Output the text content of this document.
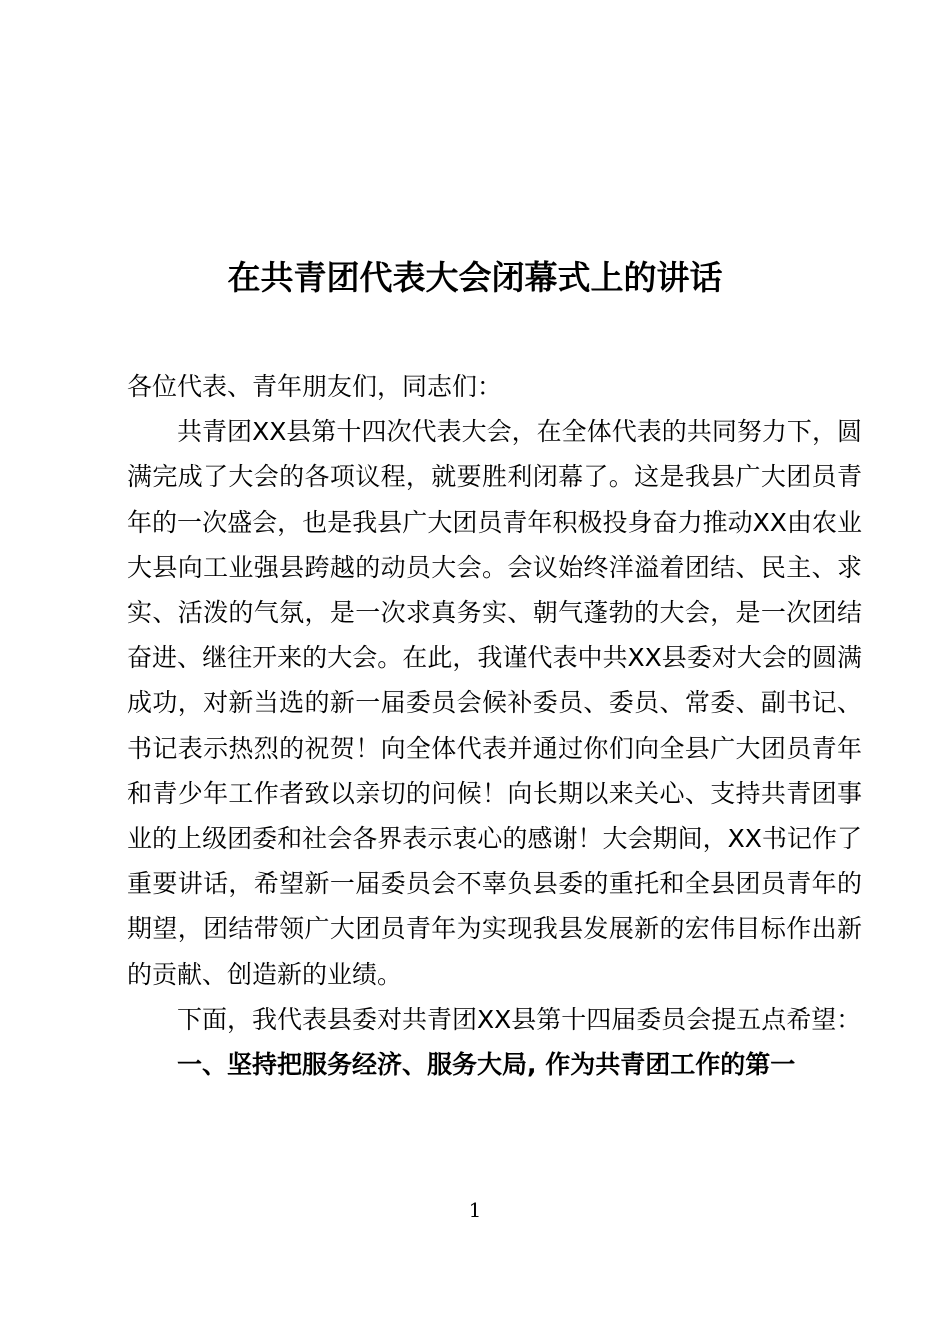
在共青团代表大会闭幕式上的讲话

各位代表、青年朋友们，同志们：

共青团XX县第十四次代表大会，在全体代表的共同努力下，圆满完成了大会的各项议程，就要胜利闭幕了。这是我县广大团员青年的一次盛会，也是我县广大团员青年积极投身奋力推动XX由农业大县向工业强县跨越的动员大会。会议始终洋溢着团结、民主、求实、活泼的气氛，是一次求真务实、朝气蓬勃的大会，是一次团结奋进、继往开来的大会。在此，我谨代表中共XX县委对大会的圆满成功，对新当选的新一届委员会候补委员、委员、常委、副书记、书记表示热烈的祝贺！向全体代表并通过你们向全县广大团员青年和青少年工作者致以亲切的问候！向长期以来关心、支持共青团事业的上级团委和社会各界表示衷心的感谢！大会期间，XX书记作了重要讲话，希望新一届委员会不辜负县委的重托和全县团员青年的期望，团结带领广大团员青年为实现我县发展新的宏伟目标作出新的贡献、创造新的业绩。

下面，我代表县委对共青团XX县第十四届委员会提五点希望：

一、坚持把服务经济、服务大局, 作为共青团工作的第一

1
